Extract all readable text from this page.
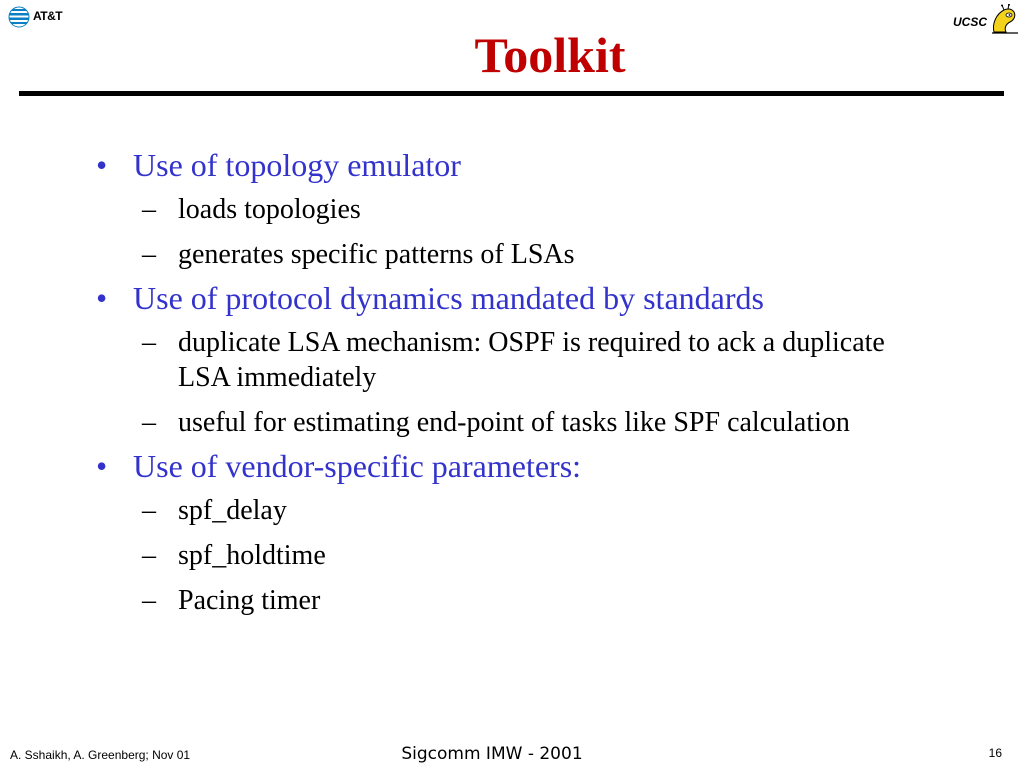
AT&T	UCSC
Toolkit
• Use of topology emulator
– loads topologies
– generates specific patterns of LSAs
• Use of protocol dynamics mandated by standards
– duplicate LSA mechanism: OSPF is required to ack a duplicate LSA immediately
– useful for estimating end-point of tasks like SPF calculation
• Use of vendor-specific parameters:
– spf_delay
– spf_holdtime
– Pacing timer
A. Sshaikh, A. Greenberg; Nov 01	Sigcomm IMW - 2001	16
